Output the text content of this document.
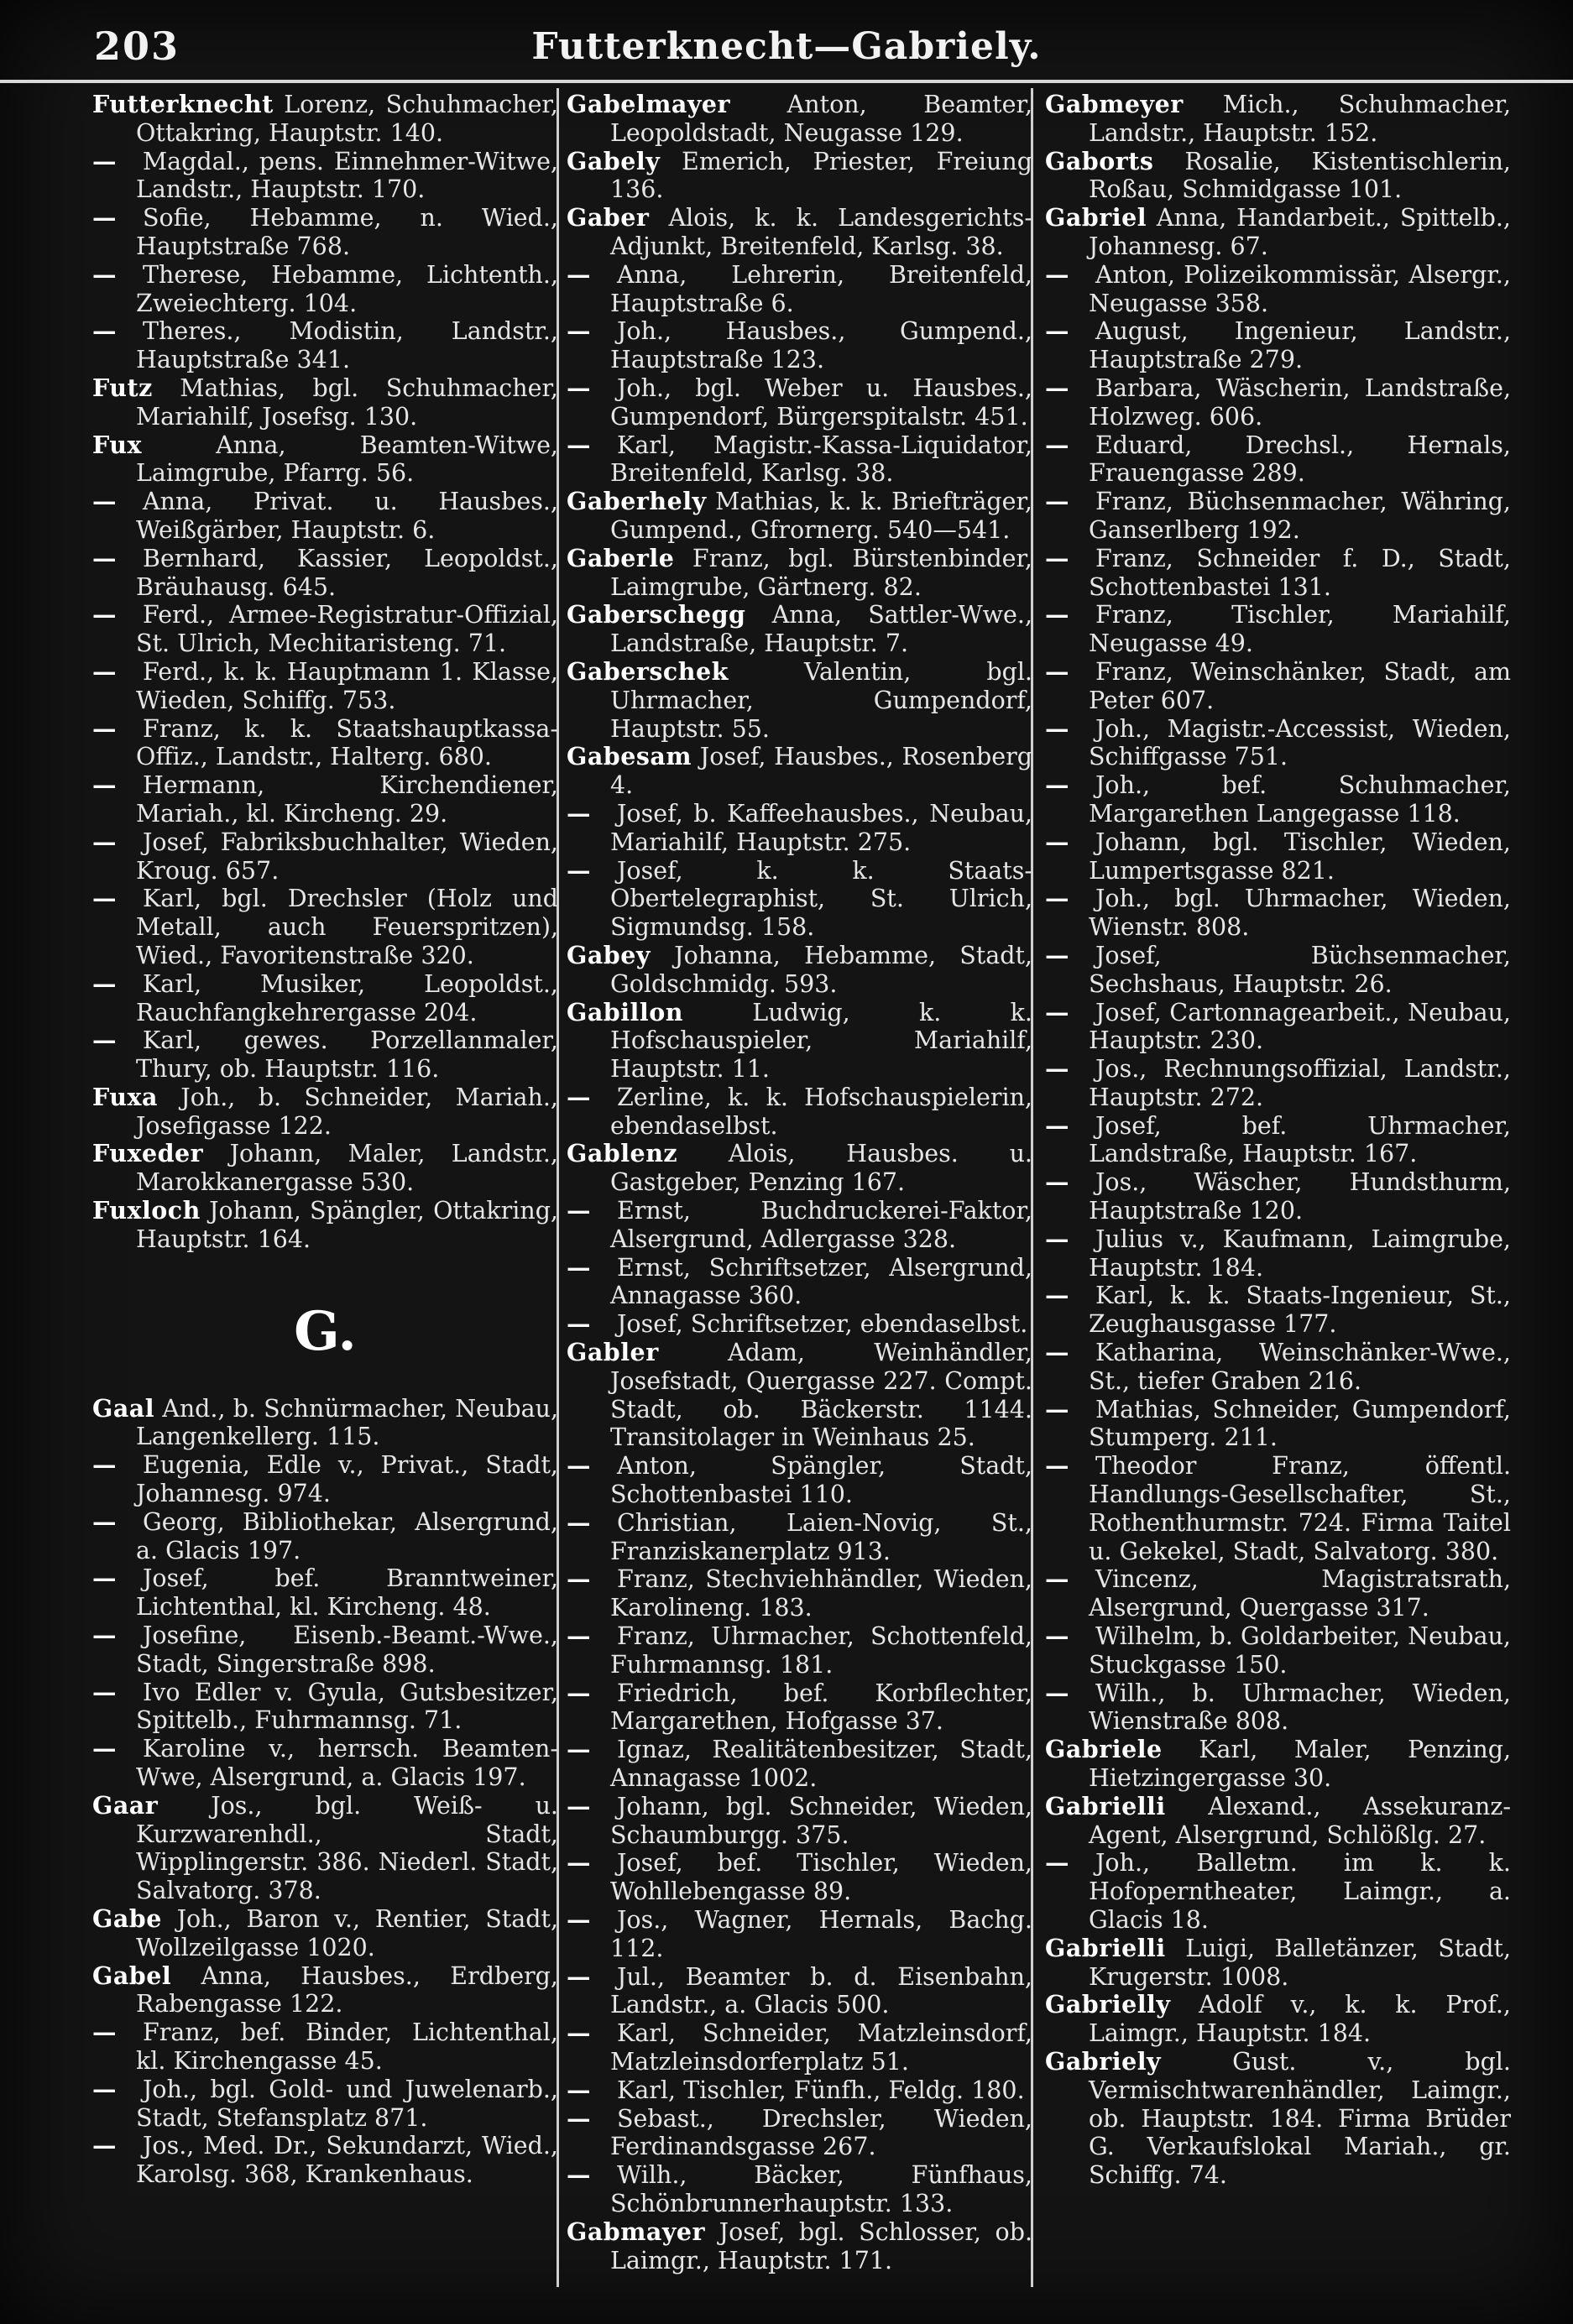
203	Futterknecht—Gabriely.

Futterknecht Lorenz, Schuhmacher, Ottakring, Hauptstr. 140.

— Magdal., pens. Einnehmer-Witwe, Landstr., Hauptstr. 170.

— Sofie, Hebamme, n. Wied., Hauptstraße 768.

— Therese, Hebamme, Lichtenth., Zweiechterg. 104.

— Theres., Modistin, Landstr., Hauptstraße 341.

Futz Mathias, bgl. Schuhmacher, Mariahilf, Josefsg. 130.

Fux Anna, Beamten-Witwe, Laimgrube, Pfarrg. 56.

— Anna, Privat. u. Hausbes., Weißgärber, Hauptstr. 6.

— Bernhard, Kassier, Leopoldst., Bräuhausg. 645.

— Ferd., Armee-Registratur-Offizial, St. Ulrich, Mechitaristeng. 71.

— Ferd., k. k. Hauptmann 1. Klasse, Wieden, Schiffg. 753.

— Franz, k. k. Staatshauptkassa-Offiz., Landstr., Halterg. 680.

— Hermann, Kirchendiener, Mariah., kl. Kircheng. 29.

— Josef, Fabriksbuchhalter, Wieden, Kroug. 657.

— Karl, bgl. Drechsler (Holz und Metall, auch Feuerspritzen), Wied., Favoritenstraße 320.

— Karl, Musiker, Leopoldst., Rauchfangkehrergasse 204.

— Karl, gewes. Porzellanmaler, Thury, ob. Hauptstr. 116.

Fuxa Joh., b. Schneider, Mariah., Josefigasse 122.

Fuxeder Johann, Maler, Landstr., Marokkanergasse 530.

Fuxloch Johann, Spängler, Ottakring, Hauptstr. 164.

G.

Gaal And., b. Schnürmacher, Neubau, Langenkellerg. 115.

— Eugenia, Edle v., Privat., Stadt, Johannesg. 974.

— Georg, Bibliothekar, Alsergrund, a. Glacis 197.

— Josef, bef. Branntweiner, Lichtenthal, kl. Kircheng. 48.

— Josefine, Eisenb.-Beamt.-Wwe., Stadt, Singerstraße 898.

— Ivo Edler v. Gyula, Gutsbesitzer, Spittelb., Fuhrmannsg. 71.

— Karoline v., herrsch. Beamten-Wwe, Alsergrund, a. Glacis 197.

Gaar Jos., bgl. Weiß- u. Kurzwarenhdl., Stadt, Wipplingerstr. 386. Niederl. Stadt, Salvatorg. 378.

Gabe Joh., Baron v., Rentier, Stadt, Wollzeilgasse 1020.

Gabel Anna, Hausbes., Erdberg, Rabengasse 122.

— Franz, bef. Binder, Lichtenthal, kl. Kirchengasse 45.

— Joh., bgl. Gold- und Juwelenarb., Stadt, Stefansplatz 871.

— Jos., Med. Dr., Sekundarzt, Wied., Karolsg. 368, Krankenhaus.

Gabelmayer Anton, Beamter, Leopoldstadt, Neugasse 129.

Gabely Emerich, Priester, Freiung 136.

Gaber Alois, k. k. Landesgerichts-Adjunkt, Breitenfeld, Karlsg. 38.

— Anna, Lehrerin, Breitenfeld, Hauptstraße 6.

— Joh., Hausbes., Gumpend., Hauptstraße 123.

— Joh., bgl. Weber u. Hausbes., Gumpendorf, Bürgerspitalstr. 451.

— Karl, Magistr.-Kassa-Liquidator, Breitenfeld, Karlsg. 38.

Gaberhely Mathias, k. k. Briefträger, Gumpend., Gfrornerg. 540—541.

Gaberle Franz, bgl. Bürstenbinder, Laimgrube, Gärtnerg. 82.

Gaberschegg Anna, Sattler-Wwe., Landstraße, Hauptstr. 7.

Gaberschek Valentin, bgl. Uhrmacher, Gumpendorf, Hauptstr. 55.

Gabesam Josef, Hausbes., Rosenberg 4.

— Josef, b. Kaffeehausbes., Neubau, Mariahilf, Hauptstr. 275.

— Josef, k. k. Staats-Obertelegraphist, St. Ulrich, Sigmundsg. 158.

Gabey Johanna, Hebamme, Stadt, Goldschmidg. 593.

Gabillon Ludwig, k. k. Hofschauspieler, Mariahilf, Hauptstr. 11.

— Zerline, k. k. Hofschauspielerin, ebendaselbst.

Gablenz Alois, Hausbes. u. Gastgeber, Penzing 167.

— Ernst, Buchdruckerei-Faktor, Alsergrund, Adlergasse 328.

— Ernst, Schriftsetzer, Alsergrund, Annagasse 360.

— Josef, Schriftsetzer, ebendaselbst.

Gabler Adam, Weinhändler, Josefstadt, Quergasse 227. Compt. Stadt, ob. Bäckerstr. 1144. Transitolager in Weinhaus 25.

— Anton, Spängler, Stadt, Schottenbastei 110.

— Christian, Laien-Novig, St., Franziskanerplatz 913.

— Franz, Stechviehhändler, Wieden, Karolineng. 183.

— Franz, Uhrmacher, Schottenfeld, Fuhrmannsg. 181.

— Friedrich, bef. Korbflechter, Margarethen, Hofgasse 37.

— Ignaz, Realitätenbesitzer, Stadt, Annagasse 1002.

— Johann, bgl. Schneider, Wieden, Schaumburgg. 375.

— Josef, bef. Tischler, Wieden, Wohllebengasse 89.

— Jos., Wagner, Hernals, Bachg. 112.

— Jul., Beamter b. d. Eisenbahn, Landstr., a. Glacis 500.

— Karl, Schneider, Matzleinsdorf, Matzleinsdorferplatz 51.

— Karl, Tischler, Fünfh., Feldg. 180.

— Sebast., Drechsler, Wieden, Ferdinandsgasse 267.

— Wilh., Bäcker, Fünfhaus, Schönbrunnerhauptstr. 133.

Gabmayer Josef, bgl. Schlosser, ob. Laimgr., Hauptstr. 171.

Gabmeyer Mich., Schuhmacher, Landstr., Hauptstr. 152.

Gaborts Rosalie, Kistentischlerin, Roßau, Schmidgasse 101.

Gabriel Anna, Handarbeit., Spittelb., Johannesg. 67.

— Anton, Polizeikommissär, Alsergr., Neugasse 358.

— August, Ingenieur, Landstr., Hauptstraße 279.

— Barbara, Wäscherin, Landstraße, Holzweg. 606.

— Eduard, Drechsl., Hernals, Frauengasse 289.

— Franz, Büchsenmacher, Währing, Ganserlberg 192.

— Franz, Schneider f. D., Stadt, Schottenbastei 131.

— Franz, Tischler, Mariahilf, Neugasse 49.

— Franz, Weinschänker, Stadt, am Peter 607.

— Joh., Magistr.-Accessist, Wieden, Schiffgasse 751.

— Joh., bef. Schuhmacher, Margarethen Langegasse 118.

— Johann, bgl. Tischler, Wieden, Lumpertsgasse 821.

— Joh., bgl. Uhrmacher, Wieden, Wienstr. 808.

— Josef, Büchsenmacher, Sechshaus, Hauptstr. 26.

— Josef, Cartonnagearbeit., Neubau, Hauptstr. 230.

— Jos., Rechnungsoffizial, Landstr., Hauptstr. 272.

— Josef, bef. Uhrmacher, Landstraße, Hauptstr. 167.

— Jos., Wäscher, Hundsthurm, Hauptstraße 120.

— Julius v., Kaufmann, Laimgrube, Hauptstr. 184.

— Karl, k. k. Staats-Ingenieur, St., Zeughausgasse 177.

— Katharina, Weinschänker-Wwe., St., tiefer Graben 216.

— Mathias, Schneider, Gumpendorf, Stumperg. 211.

— Theodor Franz, öffentl. Handlungs-Gesellschafter, St., Rothenthurmstr. 724. Firma Taitel u. Gekekel, Stadt, Salvatorg. 380.

— Vincenz, Magistratsrath, Alsergrund, Quergasse 317.

— Wilhelm, b. Goldarbeiter, Neubau, Stuckgasse 150.

— Wilh., b. Uhrmacher, Wieden, Wienstraße 808.

Gabriele Karl, Maler, Penzing, Hietzingergasse 30.

Gabrielli Alexand., Assekuranz-Agent, Alsergrund, Schlößlg. 27.

— Joh., Balletm. im k. k. Hofoperntheater, Laimgr., a. Glacis 18.

Gabrielli Luigi, Balletänzer, Stadt, Krugerstr. 1008.

Gabrielly Adolf v., k. k. Prof., Laimgr., Hauptstr. 184.

Gabriely Gust. v., bgl. Vermischtwarenhändler, Laimgr., ob. Hauptstr. 184. Firma Brüder G. Verkaufslokal Mariah., gr. Schiffg. 74.
